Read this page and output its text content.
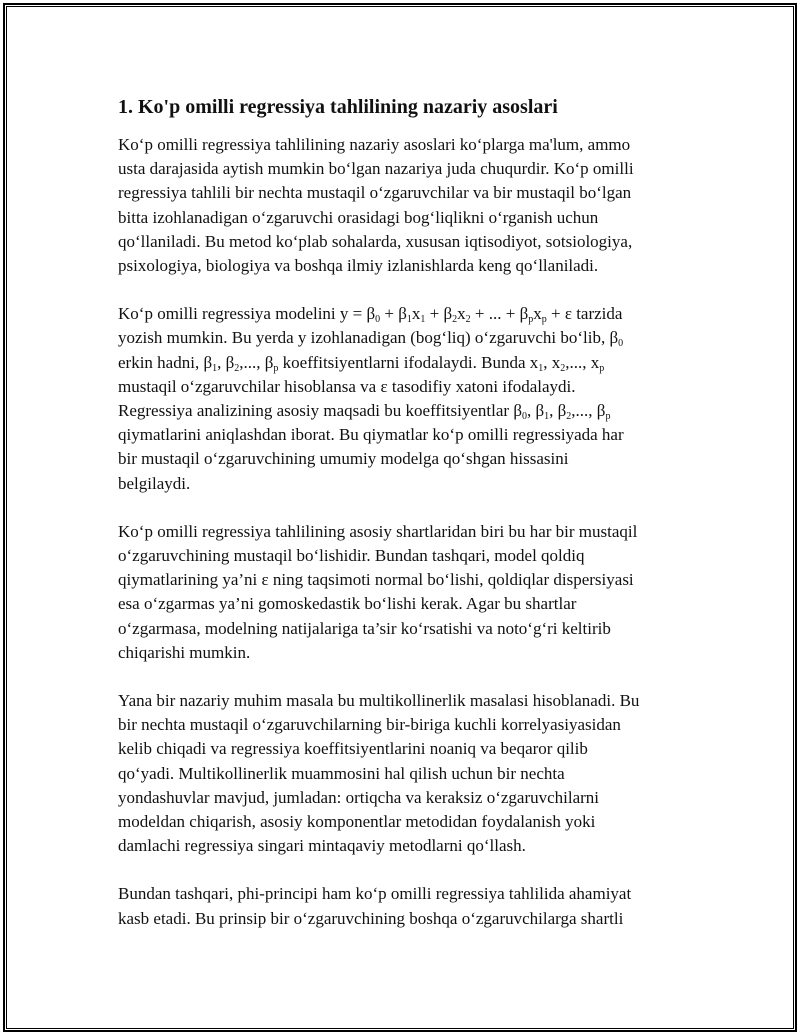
1. Ko'p omilli regressiya tahlilining nazariy asoslari

Ko‘p omilli regressiya tahlilining nazariy asoslari ko‘plarga ma'lum, ammo
usta darajasida aytish mumkin bo‘lgan nazariya juda chuqurdir. Ko‘p omilli
regressiya tahlili bir nechta mustaqil o‘zgaruvchilar va bir mustaqil bo‘lgan
bitta izohlanadigan o‘zgaruvchi orasidagi bog‘liqlikni o‘rganish uchun
qo‘llaniladi. Bu metod ko‘plab sohalarda, xususan iqtisodiyot, sotsiologiya,
psixologiya, biologiya va boshqa ilmiy izlanishlarda keng qo‘llaniladi.

Ko‘p omilli regressiya modelini $y = \beta_0 + \beta_1x_1 + \beta_2x_2$ + ... + $\beta_px_p + \varepsilon$ tarzida
yozish mumkin. Bu yerda y izohlanadigan (bog‘liq) o‘zgaruvchi bo‘lib, $\beta_0$
erkin hadni, $\beta_1$, $\beta_2$,..., $\beta_p$ koeffitsiyentlarni ifodalaydi. Bunda $x_1$, $x_2$,..., $x_p$
mustaqil o‘zgaruvchilar hisoblansa va ε tasodifiy xatoni ifodalaydi.
Regressiya analizining asosiy maqsadi bu koeffitsiyentlar $\beta_0$, $\beta_1$, $\beta_2$,..., $\beta_p$
qiymatlarini aniqlashdan iborat. Bu qiymatlar ko‘p omilli regressiyada har
bir mustaqil o‘zgaruvchining umumiy modelga qo‘shgan hissasini
belgilaydi.

Ko‘p omilli regressiya tahlilining asosiy shartlaridan biri bu har bir mustaqil
o‘zgaruvchining mustaqil bo‘lishidir. Bundan tashqari, model qoldiq
qiymatlarining ya’ni ε ning taqsimoti normal bo‘lishi, qoldiqlar dispersiyasi
esa o‘zgarmas ya’ni gomoskedastik bo‘lishi kerak. Agar bu shartlar
o‘zgarmasa, modelning natijalariga ta’sir ko‘rsatishi va noto‘g‘ri keltirib
chiqarishi mumkin.

Yana bir nazariy muhim masala bu multikollinerlik masalasi hisoblanadi. Bu
bir nechta mustaqil o‘zgaruvchilarning bir-biriga kuchli korrelyasiyasidan
kelib chiqadi va regressiya koeffitsiyentlarini noaniq va beqaror qilib
qo‘yadi. Multikollinerlik muammosini hal qilish uchun bir nechta
yondashuvlar mavjud, jumladan: ortiqcha va keraksiz o‘zgaruvchilarni
modeldan chiqarish, asosiy komponentlar metodidan foydalanish yoki
damlachi regressiya singari mintaqaviy metodlarni qo‘llash.

Bundan tashqari, phi-principi ham ko‘p omilli regressiya tahlilida ahamiyat
kasb etadi. Bu prinsip bir o‘zgaruvchining boshqa o‘zgaruvchilarga shartli
